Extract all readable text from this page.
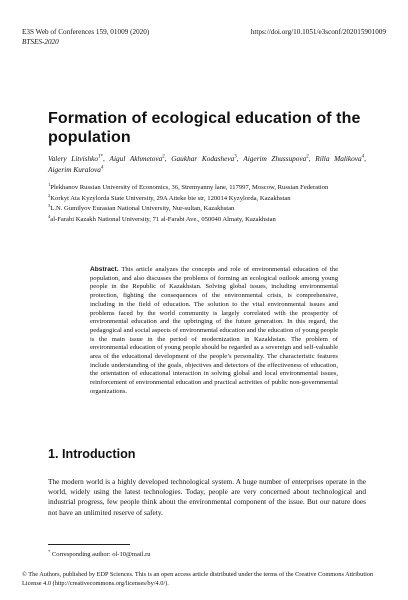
E3S Web of Conferences 159, 01009 (2020)	https://doi.org/10.1051/e3sconf/202015901009
BTSES-2020
Formation of ecological education of the population
Valery Litvishko$^{1*}$, Aigul Akhmetova$^2$, Gaukhar Kodasheva$^3$, Aigerim Zhussupova$^2$, Rilla Malikova$^4$, Aigerim Kuralova$^4$
$^1$Plekhanov Russian University of Economics, 36, Stremyanny lane, 117997, Moscow, Russian Federation
$^2$Korkyt Ata Kyzylorda State University, 29A Aiteke bie str, 120014 Kyzylorda, Kazakhstan
$^3$L.N. Gumilyov Eurasian National University, Nur-sultan, Kazakhstan
$^4$al-Farabi Kazakh National University, 71 al-Farabi Ave., 050040 Almaty, Kazakhstan
Abstract. This article analyzes the concepts and role of environmental education of the population, and also discusses the problems of forming an ecological outlook among young people in the Republic of Kazakhstan. Solving global issues, including environmental protection, fighting the consequences of the environmental crisis, is comprehensive, including in the field of education. The solution to the vital environmental issues and problems faced by the world community is largely correlated with the prosperity of environmental education and the upbringing of the future generation. In this regard, the pedagogical and social aspects of environmental education and the education of young people is the main issue in the period of modernization in Kazakhstan. The problem of environmental education of young people should be regarded as a sovereign and self-valuable area of the educational development of the people’s personality. The characteristic features include understanding of the goals, objectives and detectors of the effectiveness of education, the orientation of educational interaction in solving global and local environmental issues, reinforcement of environmental education and practical activities of public non-governmental organizations.
1. Introduction
The modern world is a highly developed technological system. A huge number of enterprises operate in the world, widely using the latest technologies. Today, people are very concerned about technological and industrial progress, few people think about the environmental component of the issue. But our nature does not have an unlimited reserve of safety.
* Corresponding author: ol-10@mail.ru
© The Authors, published by EDP Sciences. This is an open access article distributed under the terms of the Creative Commons Attribution License 4.0 (http://creativecommons.org/licenses/by/4.0/).
